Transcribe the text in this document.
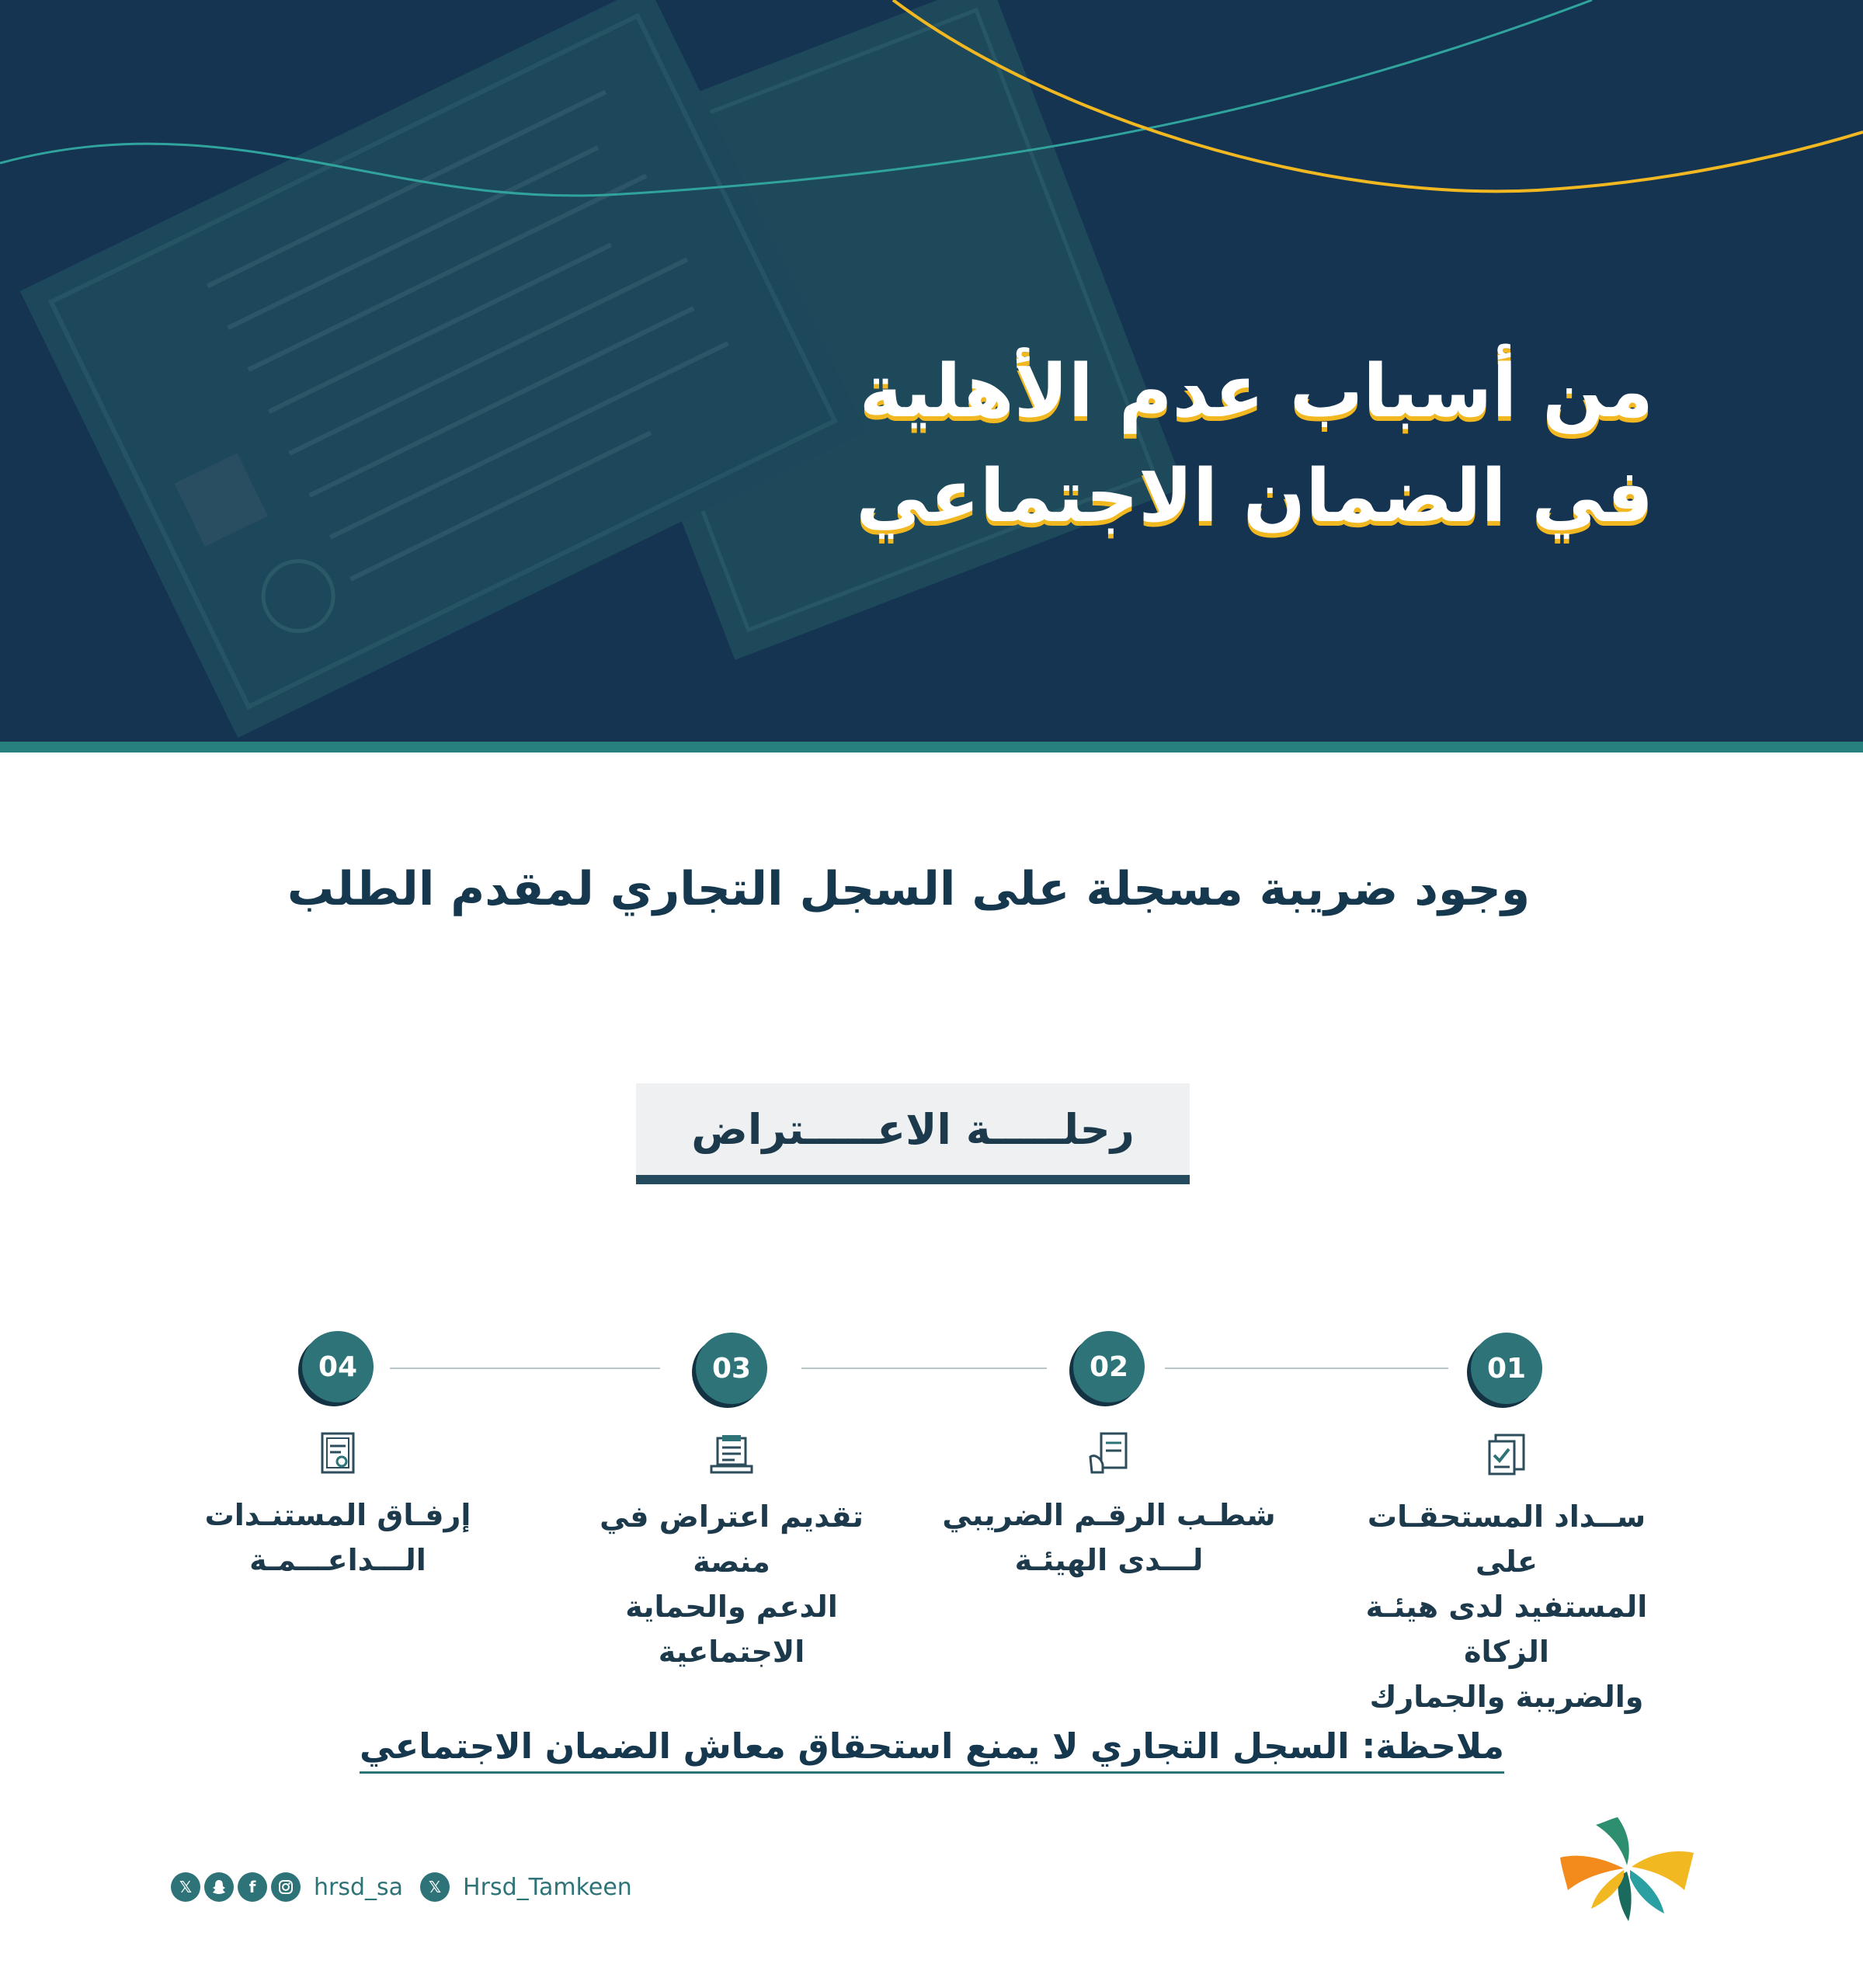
من أسباب عدم الأهلية
في الضمان الاجتماعي
وجود ضريبة مسجلة على السجل التجاري لمقدم الطلب
رحلـــــة الاعـــــتراض
01
ســداد المستحقـات على
المستفيد لدى هيئـة الزكاة
والضريبة والجمارك
02
شطـب الرقـم الضريبي
لـــدى الهيئـة
03
تقديم اعتراض في منصة
الدعم والحماية الاجتماعية
04
إرفـاق المستنـدات
الـــداعـــمـة
ملاحظة: السجل التجاري لا يمنع استحقاق معاش الضمان الاجتماعي
𝕏	f	hrsd_sa	𝕏 Hrsd_Tamkeen
